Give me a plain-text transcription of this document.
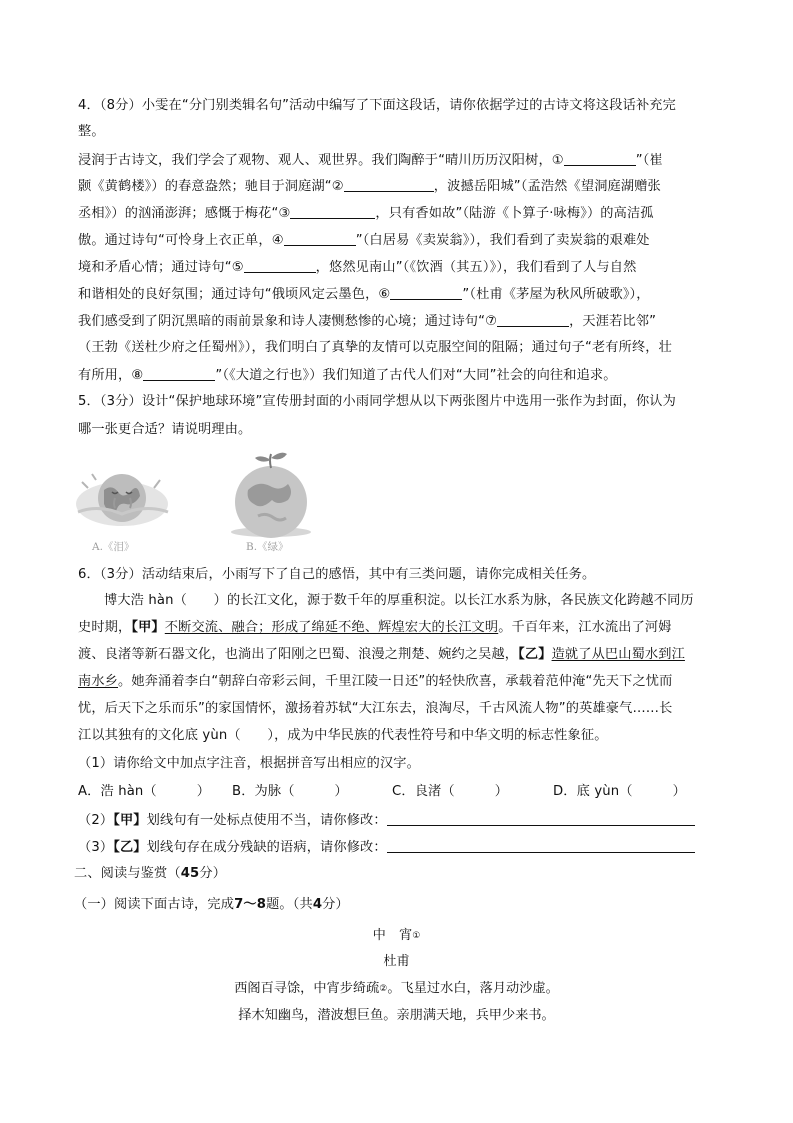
4．（8分）小雯在“分门别类辑名句”活动中编写了下面这段话，请你依据学过的古诗文将这段话补充完
整。
浸润于古诗文，我们学会了观物、观人、观世界。我们陶醉于“晴川历历汉阳树，①	”（崔
颢《黄鹤楼》）的春意盎然；驰目于洞庭湖“②	，波撼岳阳城”（孟浩然《望洞庭湖赠张
丞相》）的汹涌澎湃；感慨于梅花“③	，只有香如故”（陆游《卜算子·咏梅》）的高洁孤
傲。通过诗句“可怜身上衣正单，④	”（白居易《卖炭翁》），我们看到了卖炭翁的艰难处
境和矛盾心情；通过诗句“⑤	，悠然见南山”（《饮酒（其五）》），我们看到了人与自然
和谐相处的良好氛围；通过诗句“俄顷风定云墨色，⑥	”（杜甫《茅屋为秋风所破歌》），
我们感受到了阴沉黑暗的雨前景象和诗人凄恻愁惨的心境；通过诗句“⑦	，天涯若比邻”
（王勃《送杜少府之任蜀州》），我们明白了真挚的友情可以克服空间的阻隔；通过句子“老有所终，壮
有所用，⑧	”（《大道之行也》）我们知道了古代人们对“大同”社会的向往和追求。
5．（3分）设计“保护地球环境”宣传册封面的小雨同学想从以下两张图片中选用一张作为封面，你认为
哪一张更合适？请说明理由。
A.《泪》	B.《绿》
6．（3分）活动结束后，小雨写下了自己的感悟，其中有三类问题，请你完成相关任务。
博大浩 hàn（　　）的长江文化，源于数千年的厚重积淀。以长江水系为脉，各民族文化跨越不同历
史时期，【甲】不断交流、融合；形成了绵延不绝、辉煌宏大的长江文明。千百年来，江水流出了河姆
渡、良渚等新石器文化，也淌出了阳刚之巴蜀、浪漫之荆楚、婉约之吴越，【乙】造就了从巴山蜀水到江
南水乡。她奔涌着李白“朝辞白帝彩云间，千里江陵一日还”的轻快欣喜，承载着范仲淹“先天下之忧而
忧，后天下之乐而乐”的家国情怀，激扬着苏轼“大江东去，浪淘尽，千古风流人物”的英雄豪气……长
江以其独有的文化底 yùn（　　），成为中华民族的代表性符号和中华文明的标志性象征。
（1）请你给文中加点字注音，根据拼音写出相应的汉字。
A．浩 hàn（　　　） B．为脉（　　　）	C．良渚（　　　）	D．底 yùn（　　　）
（2）【甲】划线句有一处标点使用不当，请你修改：
（3）【乙】划线句存在成分残缺的语病，请你修改：
二、阅读与鉴赏（45分）
（一）阅读下面古诗，完成7～8题。（共4分）
中　宵①
杜甫
西阁百寻馀，中宵步绮疏②。飞星过水白，落月动沙虚。
择木知幽鸟，潜波想巨鱼。亲朋满天地，兵甲少来书。
